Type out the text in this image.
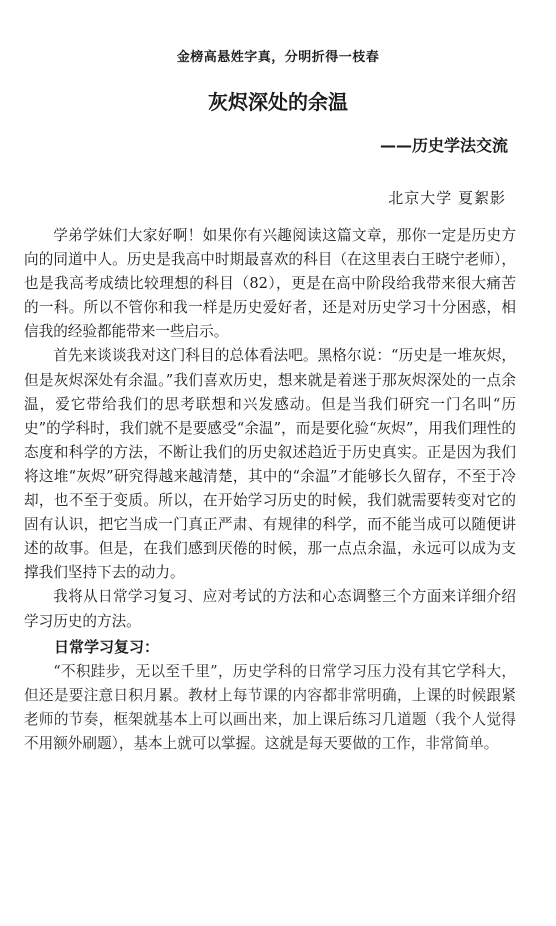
金榜高悬姓字真，分明折得一枝春
灰烬深处的余温
——历史学法交流
北京大学 夏絮影

学弟学妹们大家好啊！如果你有兴趣阅读这篇文章，那你一定是历史方向的同道中人。历史是我高中时期最喜欢的科目（在这里表白王晓宁老师），也是我高考成绩比较理想的科目（82），更是在高中阶段给我带来很大痛苦的一科。所以不管你和我一样是历史爱好者，还是对历史学习十分困惑，相信我的经验都能带来一些启示。

首先来谈谈我对这门科目的总体看法吧。黑格尔说：“历史是一堆灰烬，但是灰烬深处有余温。”我们喜欢历史，想来就是着迷于那灰烬深处的一点余温，爱它带给我们的思考联想和兴发感动。但是当我们研究一门名叫“历史”的学科时，我们就不是要感受“余温”，而是要化验“灰烬”，用我们理性的态度和科学的方法，不断让我们的历史叙述趋近于历史真实。正是因为我们将这堆“灰烬”研究得越来越清楚，其中的“余温”才能够长久留存，不至于冷却，也不至于变质。所以，在开始学习历史的时候，我们就需要转变对它的固有认识，把它当成一门真正严肃、有规律的科学，而不能当成可以随便讲述的故事。但是，在我们感到厌倦的时候，那一点点余温，永远可以成为支撑我们坚持下去的动力。

我将从日常学习复习、应对考试的方法和心态调整三个方面来详细介绍学习历史的方法。

日常学习复习：

“不积跬步，无以至千里”，历史学科的日常学习压力没有其它学科大，但还是要注意日积月累。教材上每节课的内容都非常明确，上课的时候跟紧老师的节奏，框架就基本上可以画出来，加上课后练习几道题（我个人觉得不用额外刷题），基本上就可以掌握。这就是每天要做的工作，非常简单。
